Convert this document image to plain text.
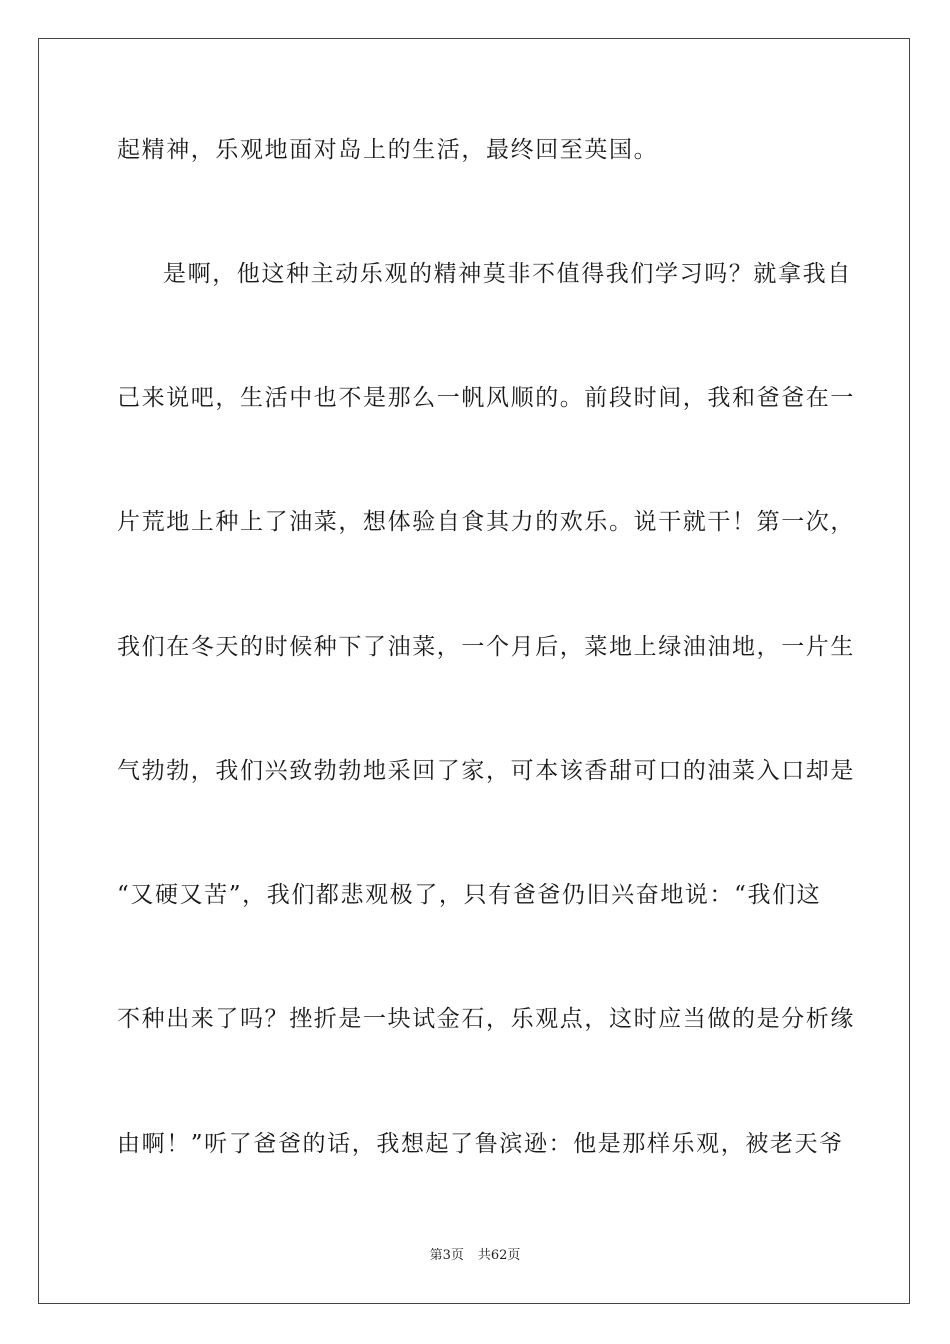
起精神，乐观地面对岛上的生活，最终回至英国。
是啊，他这种主动乐观的精神莫非不值得我们学习吗？就拿我自
己来说吧，生活中也不是那么一帆风顺的。前段时间，我和爸爸在一
片荒地上种上了油菜，想体验自食其力的欢乐。说干就干！第一次，
我们在冬天的时候种下了油菜，一个月后，菜地上绿油油地，一片生
气勃勃，我们兴致勃勃地采回了家，可本该香甜可口的油菜入口却是
“又硬又苦”，我们都悲观极了，只有爸爸仍旧兴奋地说：“我们这
不种出来了吗？挫折是一块试金石，乐观点，这时应当做的是分析缘
由啊！”听了爸爸的话，我想起了鲁滨逊：他是那样乐观，被老天爷
第3页 共62页
